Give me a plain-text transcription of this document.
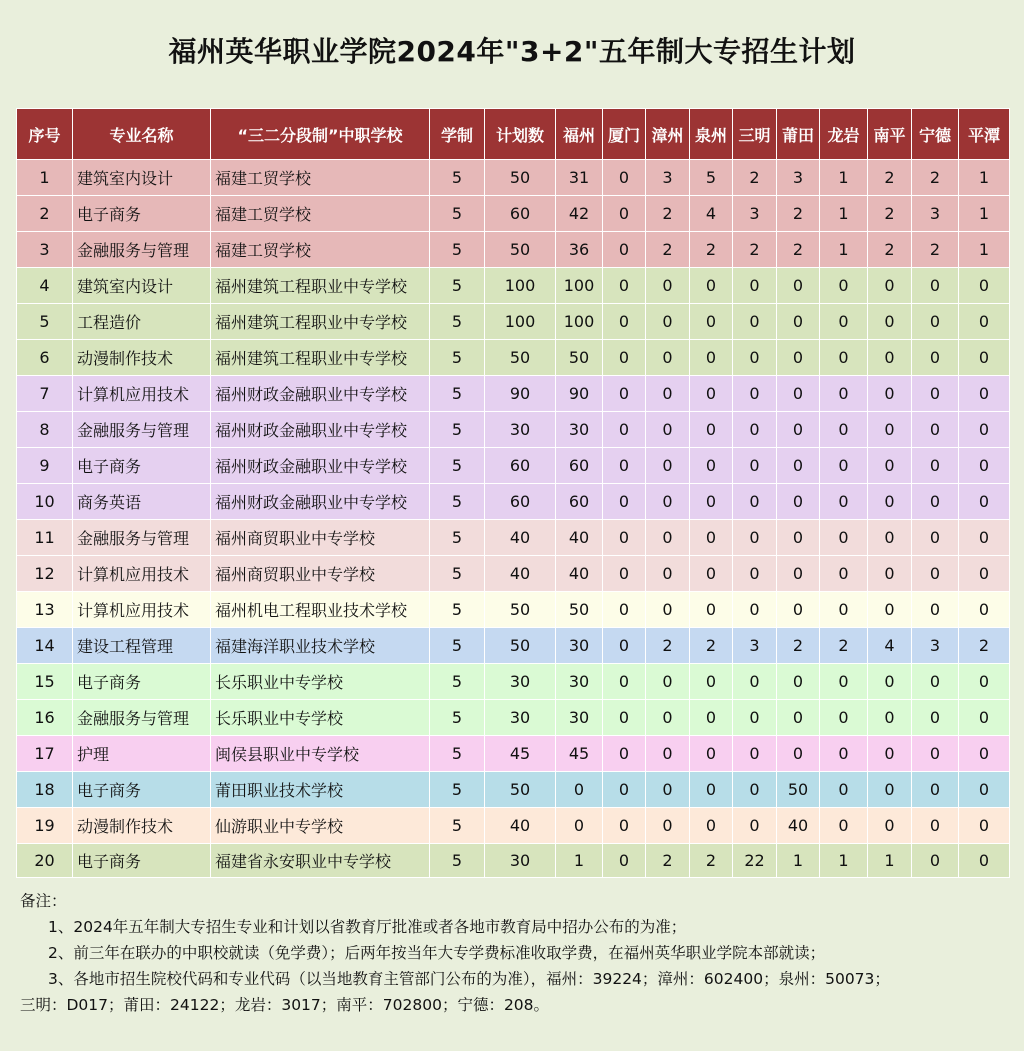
福州英华职业学院2024年"3+2"五年制大专招生计划
序号	专业名称	“三二分段制”中职学校	学制	计划数	福州	厦门	漳州	泉州	三明	莆田	龙岩	南平	宁德	平潭
1	建筑室内设计	福建工贸学校	5	50	31	0	3	5	2	3	1	2	2	1
2	电子商务	福建工贸学校	5	60	42	0	2	4	3	2	1	2	3	1
3	金融服务与管理	福建工贸学校	5	50	36	0	2	2	2	2	1	2	2	1
4	建筑室内设计	福州建筑工程职业中专学校	5	100	100	0	0	0	0	0	0	0	0	0
5	工程造价	福州建筑工程职业中专学校	5	100	100	0	0	0	0	0	0	0	0	0
6	动漫制作技术	福州建筑工程职业中专学校	5	50	50	0	0	0	0	0	0	0	0	0
7	计算机应用技术	福州财政金融职业中专学校	5	90	90	0	0	0	0	0	0	0	0	0
8	金融服务与管理	福州财政金融职业中专学校	5	30	30	0	0	0	0	0	0	0	0	0
9	电子商务	福州财政金融职业中专学校	5	60	60	0	0	0	0	0	0	0	0	0
10	商务英语	福州财政金融职业中专学校	5	60	60	0	0	0	0	0	0	0	0	0
11	金融服务与管理	福州商贸职业中专学校	5	40	40	0	0	0	0	0	0	0	0	0
12	计算机应用技术	福州商贸职业中专学校	5	40	40	0	0	0	0	0	0	0	0	0
13	计算机应用技术	福州机电工程职业技术学校	5	50	50	0	0	0	0	0	0	0	0	0
14	建设工程管理	福建海洋职业技术学校	5	50	30	0	2	2	3	2	2	4	3	2
15	电子商务	长乐职业中专学校	5	30	30	0	0	0	0	0	0	0	0	0
16	金融服务与管理	长乐职业中专学校	5	30	30	0	0	0	0	0	0	0	0	0
17	护理	闽侯县职业中专学校	5	45	45	0	0	0	0	0	0	0	0	0
18	电子商务	莆田职业技术学校	5	50	0	0	0	0	0	50	0	0	0	0
19	动漫制作技术	仙游职业中专学校	5	40	0	0	0	0	0	40	0	0	0	0
20	电子商务	福建省永安职业中专学校	5	30	1	0	2	2	22	1	1	1	0	0
备注：
1、2024年五年制大专招生专业和计划以省教育厅批准或者各地市教育局中招办公布的为准；
2、前三年在联办的中职校就读（免学费）；后两年按当年大专学费标准收取学费，在福州英华职业学院本部就读；
3、各地市招生院校代码和专业代码（以当地教育主管部门公布的为准），福州：39224；漳州：602400；泉州：50073；
三明：D017；莆田：24122；龙岩：3017；南平：702800；宁德：208。
